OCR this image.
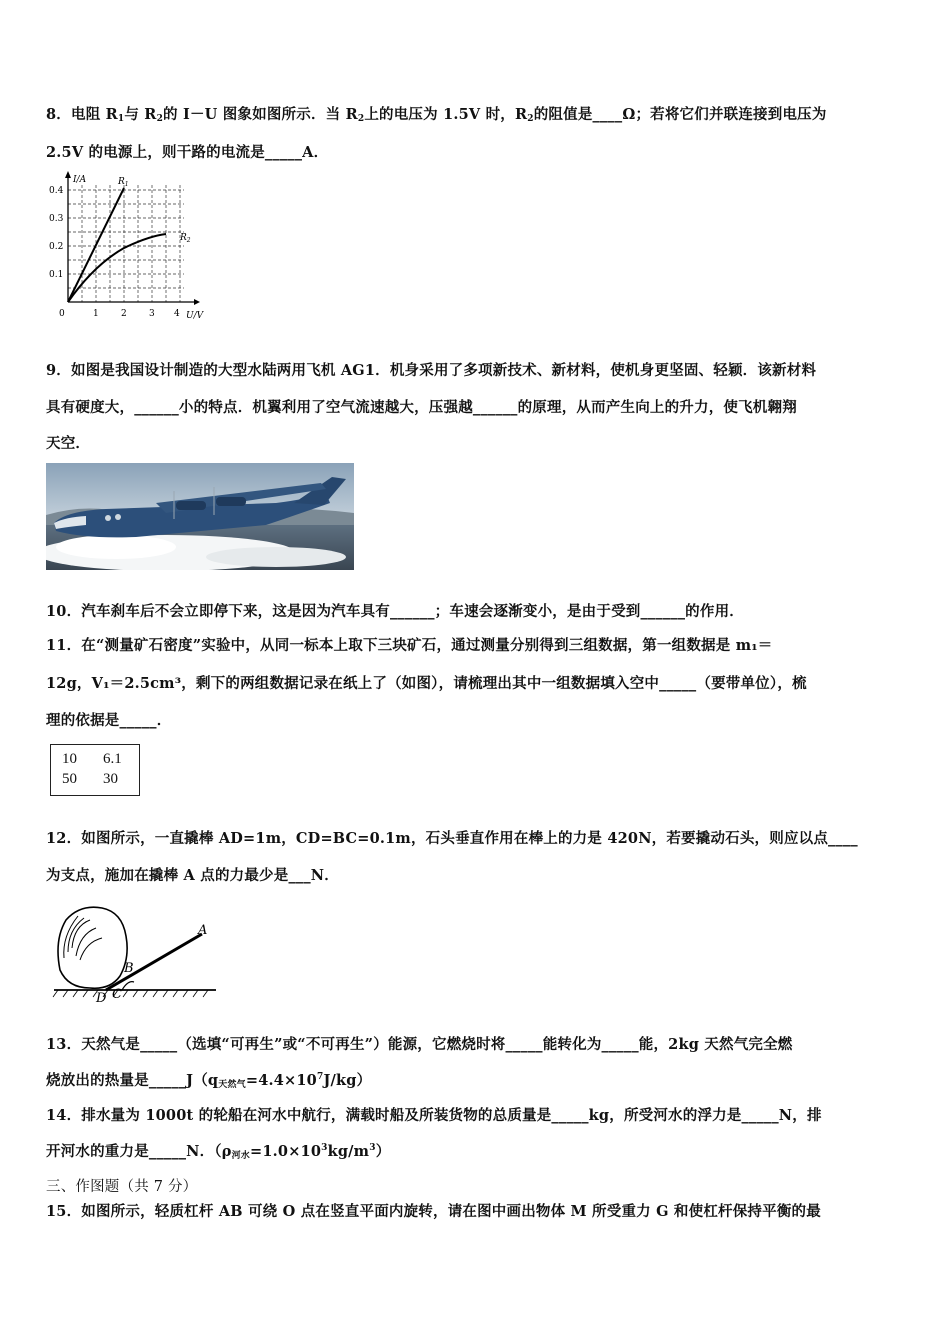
8．电阻 $R_1$与 $R_2$的 I－U 图象如图所示．当 $R_2$上的电压为 1.5V 时，$R_2$的阻值是____Ω；若将它们并联连接到电压为
2.5V 的电源上，则干路的电流是_____A．
I/A
U/V
0.4
0.3
0.2
0.1
0	1 2 3 4
$R_1$
$R_2$
9．如图是我国设计制造的大型水陆两用飞机 AG1．机身采用了多项新技术、新材料，使机身更坚固、轻颖．该新材料
具有硬度大，______小的特点．机翼利用了空气流速越大，压强越______的原理，从而产生向上的升力，使飞机翱翔
天空．
10．汽车刹车后不会立即停下来，这是因为汽车具有______；车速会逐渐变小，是由于受到______的作用．
11．在“测量矿石密度”实验中，从同一标本上取下三块矿石，通过测量分别得到三组数据，第一组数据是 m₁＝
12g，V₁＝2.5cm³，剩下的两组数据记录在纸上了（如图），请梳理出其中一组数据填入空中_____（要带单位），梳
理的依据是_____．
10 6.1
50 30
12．如图所示，一直撬棒 AD=1m，CD=BC=0.1m，石头垂直作用在棒上的力是 420N，若要撬动石头，则应以点____
为支点，施加在撬棒 A 点的力最少是___N．
A
B
C
D
13．天然气是_____（选填“可再生”或“不可再生”）能源，它燃烧时将_____能转化为_____能，2kg 天然气完全燃
烧放出的热量是$\_\_\_\_\_J(q_{天然气}=4.4\times 10^7J/kg)$
14．排水量为 1000t 的轮船在河水中航行，满载时船及所装货物的总质量是_____kg，所受河水的浮力是_____N，排
开河水的重力是_____N．$(\rho_{河水}=1.0\times 10^3kg/m^3)$
三、作图题（共 7 分）
15．如图所示，轻质杠杆 AB 可绕 O 点在竖直平面内旋转，请在图中画出物体 M 所受重力 G 和使杠杆保持平衡的最
